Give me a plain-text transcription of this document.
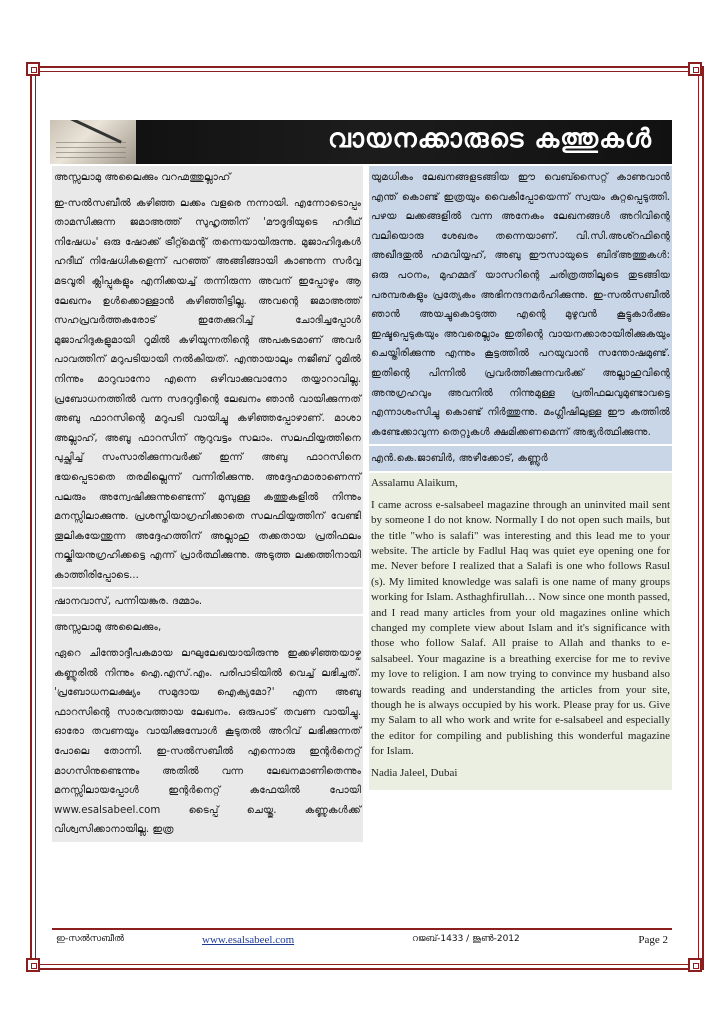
വായനക്കാരുടെ കത്തുകൾ
അസ്സലാമു അലൈക്കും വറഹ്മത്തുല്ലാഹ്
ഇ-സൽസബീൽ കഴിഞ്ഞ ലക്കം വളരെ നന്നായി. എന്നോടൊപ്പം താമസിക്കുന്ന ജമാഅത്ത് സുഹൃത്തിന് 'മൗദൂദിയുടെ ഹദീഥ് നിഷേധം' ഒരു ഷോക്ക് ട്രീറ്റ്മെന്റ് തന്നെയായിരുന്നു. മുജാഹിദുകൾ ഹദീഥ് നിഷേധികളെന്ന് പറഞ്ഞ് അങ്ങിങ്ങായി കാണുന്ന സർവ്വ മടവൂരി ക്ലിപ്പുകളും എനിക്കയച്ച് തന്നിരുന്ന അവന് ഇപ്പോഴും ആ ലേഖനം ഉൾക്കൊള്ളാൻ കഴിഞ്ഞിട്ടില്ല. അവന്റെ ജമാഅത്ത് സഹപ്രവർത്തകരോട് ഇതേക്കുറിച്ച് ചോദിച്ചപ്പോൾ മുജാഹിദുകളുമായി റൂമിൽ കഴിയുന്നതിന്റെ അപകടമാണ് അവർ പാവത്തിന് മറുപടിയായി നൽകിയത്. എന്തായാലും നജീബ് റൂമിൽ നിന്നും മാറുവാനോ എന്നെ ഒഴിവാക്കുവാനോ തയ്യാറാവില്ല. പ്രബോധനത്തിൽ വന്ന സദറുദ്ദീന്റെ ലേഖനം ഞാൻ വായിക്കുന്നത് അബു ഫാറസിന്റെ മറുപടി വായിച്ചു കഴിഞ്ഞപ്പോഴാണ്. മാശാ അല്ലാഹ്, അബൂ ഫാറസിന് നൂറുവട്ടം സലാം. സലഫിയ്യത്തിനെ പുച്ഛിച്ച് സംസാരിക്കുന്നവർക്ക് ഇന്ന് അബു ഫാറസിനെ ഭയപ്പെടാതെ തരമില്ലെന്ന് വന്നിരിക്കുന്നു. അദ്ദേഹമാരാണെന്ന് പലരും അന്വേഷിക്കുന്നുണ്ടെന്ന് മുമ്പുള്ള കത്തുകളിൽ നിന്നും മനസ്സിലാക്കുന്നു. പ്രശസ്തിയാഗ്രഹിക്കാതെ സലഫിയ്യത്തിന് വേണ്ടി തൂലികയേന്തുന്ന അദ്ദേഹത്തിന് അല്ലാഹു തക്കതായ പ്രതിഫലം നല്കിയനുഗ്രഹിക്കട്ടെ എന്ന് പ്രാർത്ഥിക്കുന്നു. അടുത്ത ലക്കത്തിനായി കാത്തിരിപ്പോടെ...
ഷാനവാസ്, പന്നിയങ്കര. ദമ്മാം.
അസ്സലാമു അലൈക്കും,
ഏറെ ചിന്തോദ്ദീപകമായ ലഘുലേഖയായിരുന്നു ഇക്കഴിഞ്ഞയാഴ്ച കണ്ണൂരിൽ നിന്നും ഐ.എസ്.എം. പരിപാടിയിൽ വെച്ച് ലഭിച്ചത്. 'പ്രബോധനലക്ഷ്യം സമുദായ ഐക്യമോ?' എന്ന അബു ഫാറസിന്റെ സാരവത്തായ ലേഖനം. ഒരുപാട് തവണ വായിച്ചു. ഓരോ തവണയും വായിക്കുമ്പോൾ കൂടുതൽ അറിവ് ലഭിക്കുന്നത് പോലെ തോന്നി. ഇ-സൽസബീൽ എന്നൊരു ഇന്റർനെറ്റ് മാഗസിനുണ്ടെന്നും അതിൽ വന്ന ലേഖനമാണിതെന്നും മനസ്സിലായപ്പോൾ ഇന്റർനെറ്റ് കഫേയിൽ പോയി www.esalsabeel.com ടൈപ്പ് ചെയ്തു. കണ്ണുകൾക്ക് വിശ്വസിക്കാനായില്ല. ഇത്ര
യുമധികം ലേഖനങ്ങളടങ്ങിയ ഈ വെബ്സൈറ്റ് കാണുവാൻ എന്ത് കൊണ്ട് ഇത്രയും വൈകിപ്പോയെന്ന് സ്വയം കുറ്റപ്പെടുത്തി. പഴയ ലക്കങ്ങളിൽ വന്ന അനേകം ലേഖനങ്ങൾ അറിവിന്റെ വലിയൊരു ശേഖരം തന്നെയാണ്. വി.സി.അശ്റഫിന്റെ അഖീദതുൽ ഹമവിയ്യഹ്, അബു ഈസായുടെ ബിദ്അത്തുകൾ: ഒരു പഠനം, മുഹമ്മദ് യാസറിന്റെ ചരിത്രത്തിലൂടെ തുടങ്ങിയ പരമ്പരകളും പ്രത്യേകം അഭിനന്ദനമർഹിക്കുന്നു. ഇ-സൽസബീൽ ഞാൻ അയച്ചുകൊടുത്ത എന്റെ മുഴുവൻ കൂട്ടുകാർക്കും ഇഷ്ടപ്പെടുകയും അവരെല്ലാം ഇതിന്റെ വായനക്കാരായിരിക്കുകയും ചെയ്തിരിക്കുന്നു എന്നും കൂട്ടത്തിൽ പറയുവാൻ സന്തോഷമുണ്ട്. ഇതിന്റെ പിന്നിൽ പ്രവർത്തിക്കുന്നവർക്ക് അല്ലാഹുവിന്റെ അനുഗ്രഹവും അവനിൽ നിന്നുമുള്ള പ്രതിഫലവുമുണ്ടാവട്ടെ എന്നാശംസിച്ചു കൊണ്ട് നിർത്തുന്നു. മംഗ്ലീഷിലുള്ള ഈ കത്തിൽ കണ്ടേക്കാവുന്ന തെറ്റുകൾ ക്ഷമിക്കണമെന്ന് അഭ്യർത്ഥിക്കുന്നു.
എൻ.കെ.ജാബിർ, അഴീക്കോട്, കണ്ണൂർ

Assalamu Alaikum,

I came across e-salsabeel magazine through an uninvited mail sent by someone I do not know. Normally I do not open such mails, but the title "who is salafi" was interesting and this lead me to your website. The article by Fadlul Haq was quiet eye opening one for me. Never before I realized that a Salafi is one who follows Rasul (s). My limited knowledge was salafi is one name of many groups working for Islam. Asthaghfirullah… Now since one month passed, and I read many articles from your old magazines online which changed my complete view about Islam and it's significance with those who follow Salaf. All praise to Allah and thanks to e-salsabeel. Your magazine is a breathing exercise for me to revive my love to religion. I am now trying to convince my husband also towards reading and understanding the articles from your site, though he is always occupied by his work. Please pray for us. Give my Salam to all who work and write for e-salsabeel and especially the editor for compiling and publishing this wonderful magazine for Islam.

Nadia Jaleel, Dubai

ഇ-സൽസബീൽ	www.esalsabeel.com	റജബ്-1433 / ജൂൺ-2012	Page 2
